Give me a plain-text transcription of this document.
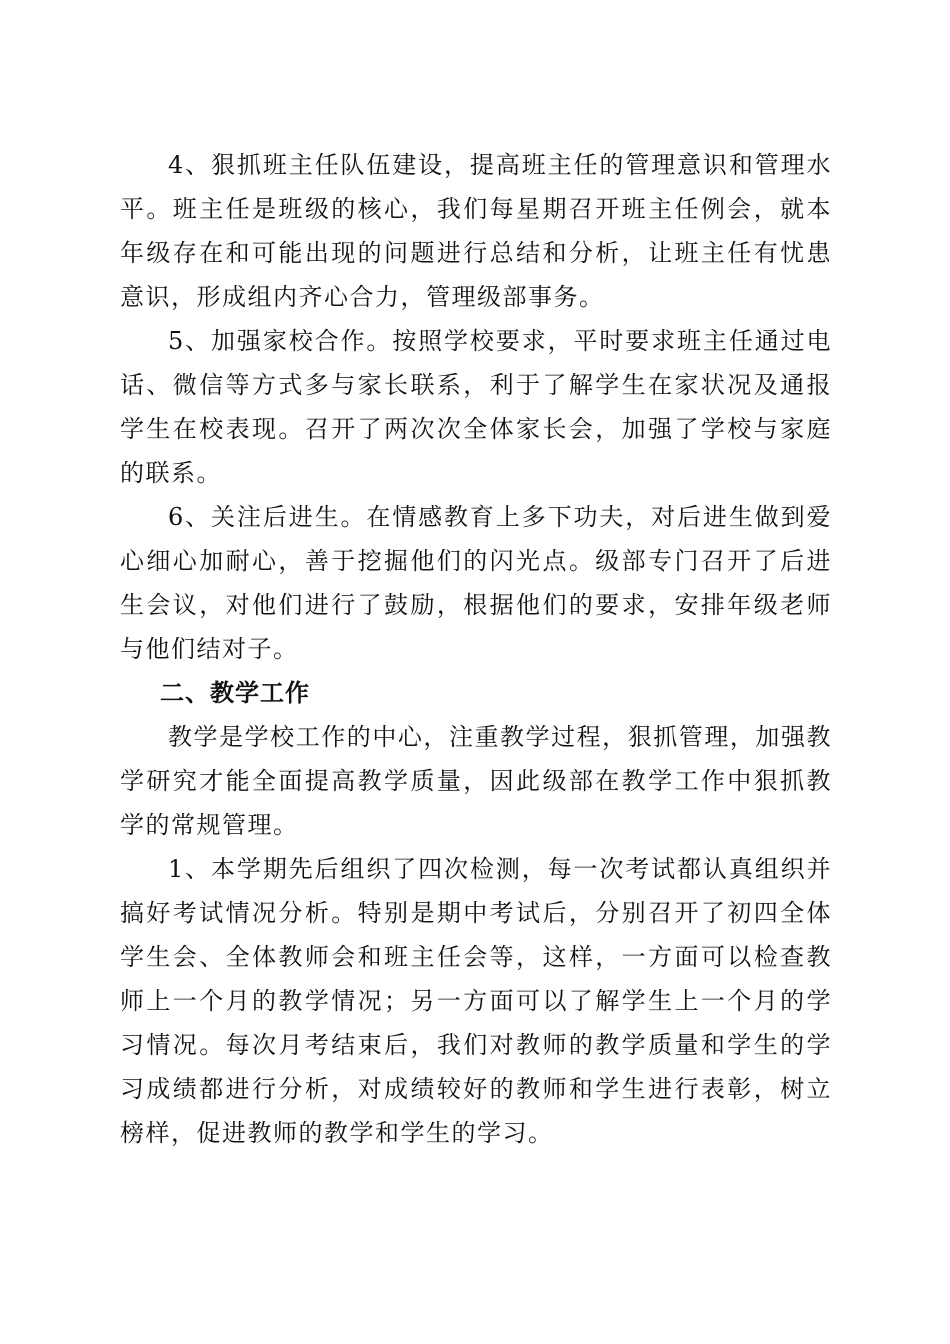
4、狠抓班主任队伍建设，提高班主任的管理意识和管理水平。班主任是班级的核心，我们每星期召开班主任例会，就本年级存在和可能出现的问题进行总结和分析，让班主任有忧患意识，形成组内齐心合力，管理级部事务。

5、加强家校合作。按照学校要求，平时要求班主任通过电话、微信等方式多与家长联系，利于了解学生在家状况及通报学生在校表现。召开了两次次全体家长会，加强了学校与家庭的联系。

6、关注后进生。在情感教育上多下功夫，对后进生做到爱心细心加耐心，善于挖掘他们的闪光点。级部专门召开了后进生会议，对他们进行了鼓励，根据他们的要求，安排年级老师与他们结对子。

二、教学工作

教学是学校工作的中心，注重教学过程，狠抓管理，加强教学研究才能全面提高教学质量，因此级部在教学工作中狠抓教学的常规管理。

1、本学期先后组织了四次检测，每一次考试都认真组织并搞好考试情况分析。特别是期中考试后，分别召开了初四全体学生会、全体教师会和班主任会等，这样，一方面可以检查教师上一个月的教学情况；另一方面可以了解学生上一个月的学习情况。每次月考结束后，我们对教师的教学质量和学生的学习成绩都进行分析，对成绩较好的教师和学生进行表彰，树立榜样，促进教师的教学和学生的学习。
